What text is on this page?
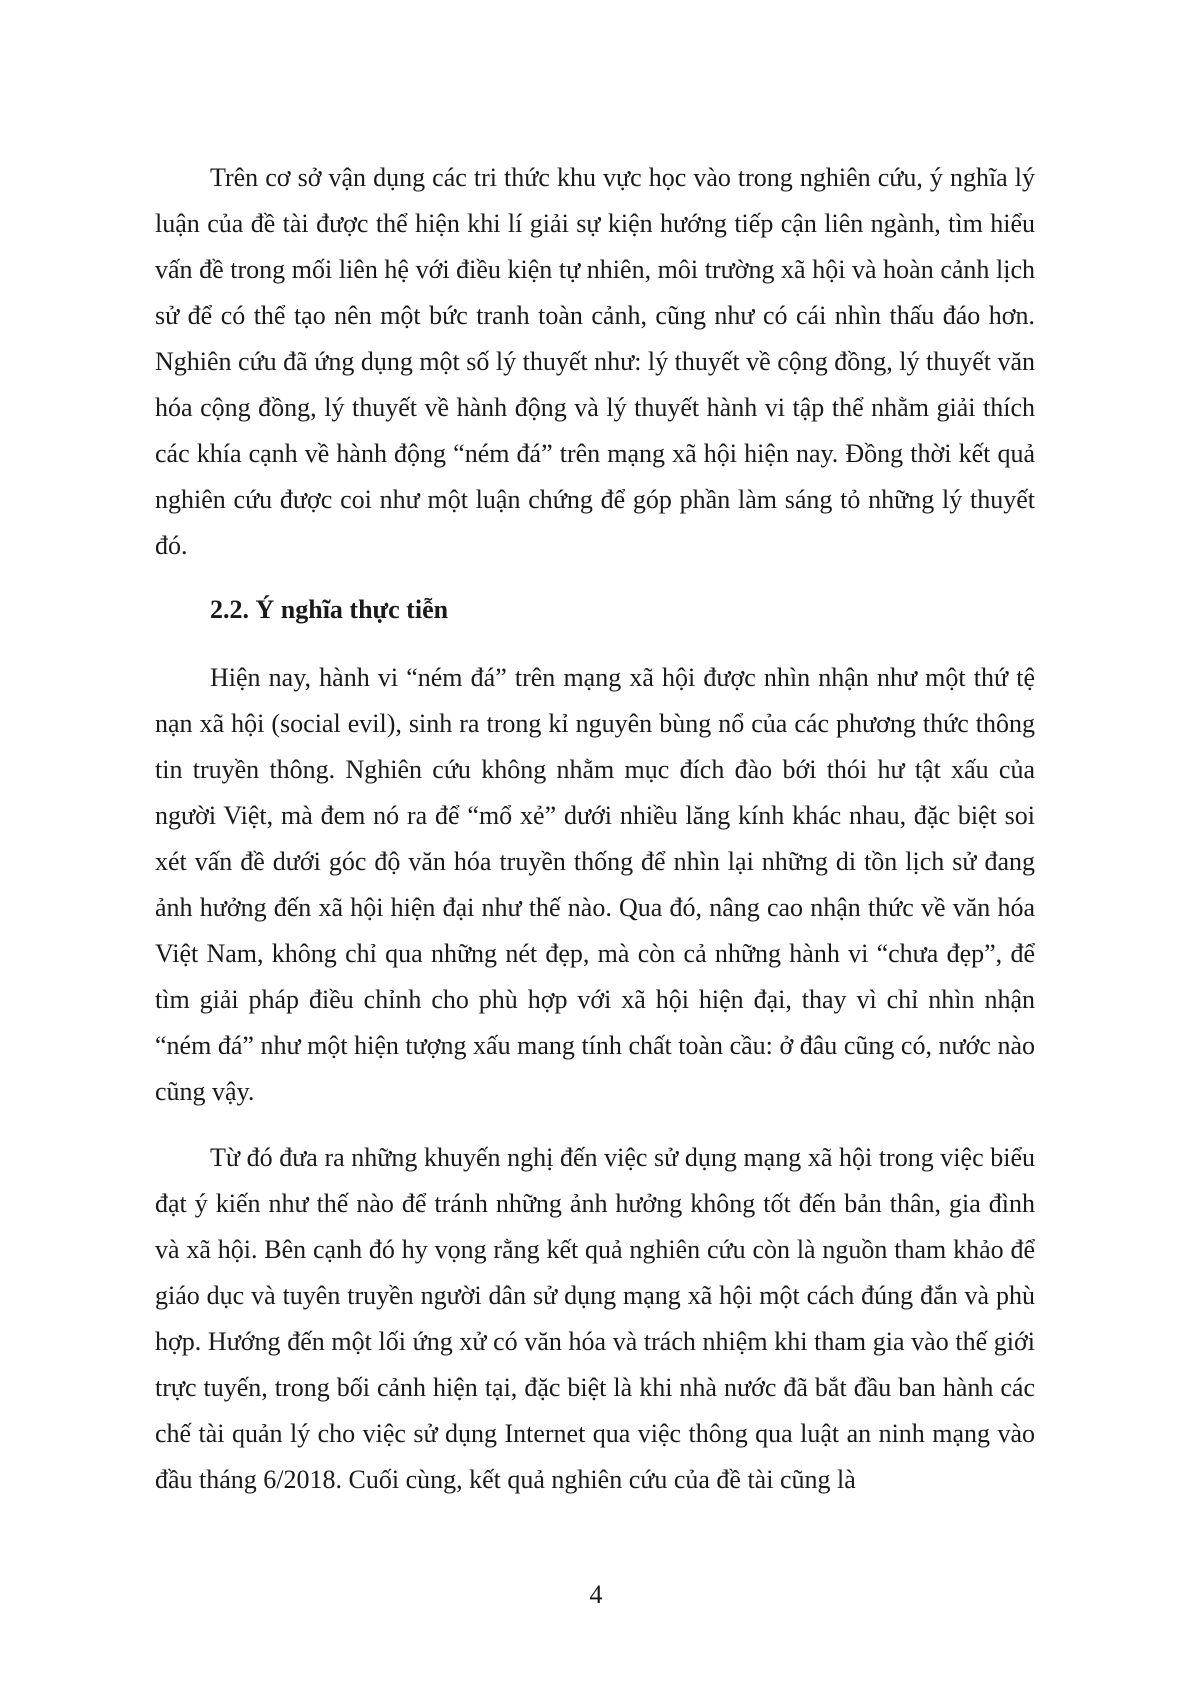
Trên cơ sở vận dụng các tri thức khu vực học vào trong nghiên cứu, ý nghĩa lý luận của đề tài được thể hiện khi lí giải sự kiện hướng tiếp cận liên ngành, tìm hiểu vấn đề trong mối liên hệ với điều kiện tự nhiên, môi trường xã hội và hoàn cảnh lịch sử để có thể tạo nên một bức tranh toàn cảnh, cũng như có cái nhìn thấu đáo hơn. Nghiên cứu đã ứng dụng một số lý thuyết như: lý thuyết về cộng đồng, lý thuyết văn hóa cộng đồng, lý thuyết về hành động và lý thuyết hành vi tập thể nhằm giải thích các khía cạnh về hành động “ném đá” trên mạng xã hội hiện nay. Đồng thời kết quả nghiên cứu được coi như một luận chứng để góp phần làm sáng tỏ những lý thuyết đó.

2.2. Ý nghĩa thực tiễn

Hiện nay, hành vi “ném đá” trên mạng xã hội được nhìn nhận như một thứ tệ nạn xã hội (social evil), sinh ra trong kỉ nguyên bùng nổ của các phương thức thông tin truyền thông. Nghiên cứu không nhằm mục đích đào bới thói hư tật xấu của người Việt, mà đem nó ra để “mổ xẻ” dưới nhiều lăng kính khác nhau, đặc biệt soi xét vấn đề dưới góc độ văn hóa truyền thống để nhìn lại những di tồn lịch sử đang ảnh hưởng đến xã hội hiện đại như thế nào. Qua đó, nâng cao nhận thức về văn hóa Việt Nam, không chỉ qua những nét đẹp, mà còn cả những hành vi “chưa đẹp”, để tìm giải pháp điều chỉnh cho phù hợp với xã hội hiện đại, thay vì chỉ nhìn nhận “ném đá” như một hiện tượng xấu mang tính chất toàn cầu: ở đâu cũng có, nước nào cũng vậy.

Từ đó đưa ra những khuyến nghị đến việc sử dụng mạng xã hội trong việc biểu đạt ý kiến như thế nào để tránh những ảnh hưởng không tốt đến bản thân, gia đình và xã hội. Bên cạnh đó hy vọng rằng kết quả nghiên cứu còn là nguồn tham khảo để giáo dục và tuyên truyền người dân sử dụng mạng xã hội một cách đúng đắn và phù hợp. Hướng đến một lối ứng xử có văn hóa và trách nhiệm khi tham gia vào thế giới trực tuyến, trong bối cảnh hiện tại, đặc biệt là khi nhà nước đã bắt đầu ban hành các chế tài quản lý cho việc sử dụng Internet qua việc thông qua luật an ninh mạng vào đầu tháng 6/2018. Cuối cùng, kết quả nghiên cứu của đề tài cũng là

4
